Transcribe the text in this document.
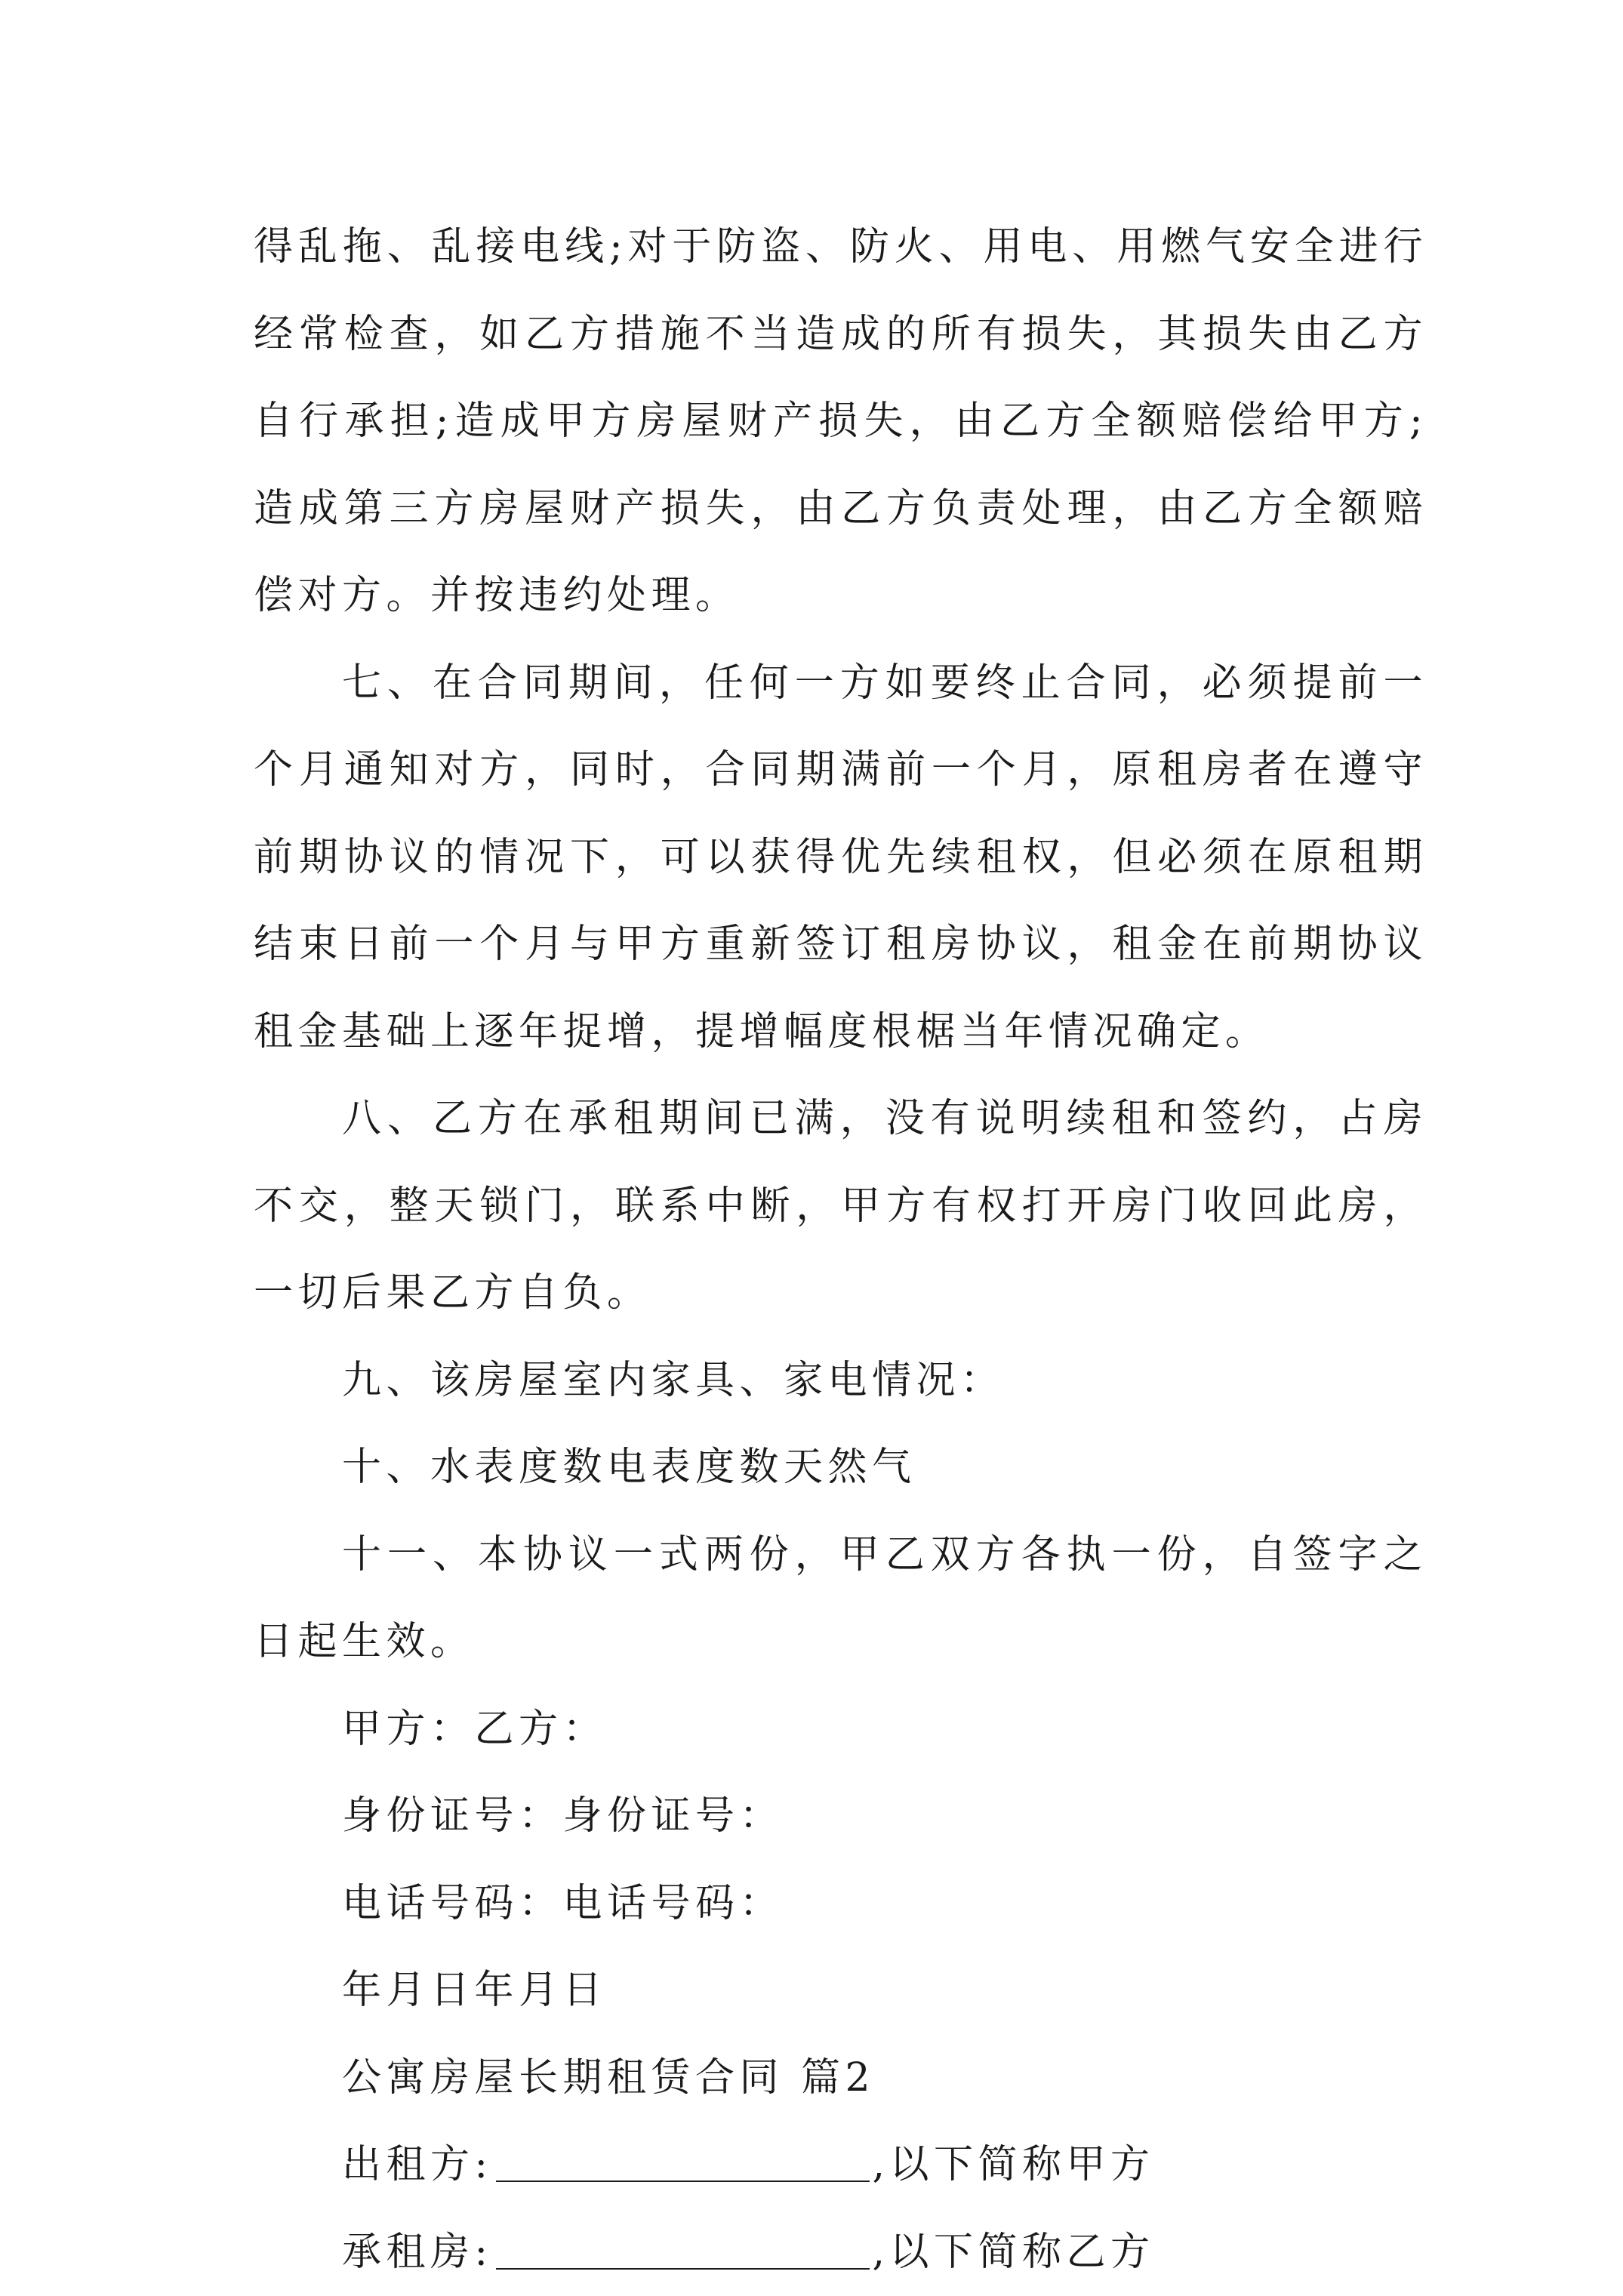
得乱拖、乱接电线;对于防盗、防火、用电、用燃气安全进行经常检查，如乙方措施不当造成的所有损失，其损失由乙方自行承担;造成甲方房屋财产损失，由乙方全额赔偿给甲方;造成第三方房屋财产损失，由乙方负责处理，由乙方全额赔偿对方。并按违约处理。

七、在合同期间，任何一方如要终止合同，必须提前一个月通知对方，同时，合同期满前一个月，原租房者在遵守前期协议的情况下，可以获得优先续租权，但必须在原租期结束日前一个月与甲方重新签订租房协议，租金在前期协议租金基础上逐年捉增，提增幅度根椐当年情况确定。

八、乙方在承租期间已满，没有说明续租和签约，占房不交，整天锁门，联系中断，甲方有权打开房门收回此房，一切后果乙方自负。

九、该房屋室内家具、家电情况：

十、水表度数电表度数天然气

十一、本协议一式两份，甲乙双方各执一份，自签字之日起生效。

甲方：乙方：
身份证号：身份证号：
电话号码：电话号码：
年月日年月日
公寓房屋长期租赁合同 篇2
出租方:	,以下简称甲方
承租房:	,以下简称乙方
